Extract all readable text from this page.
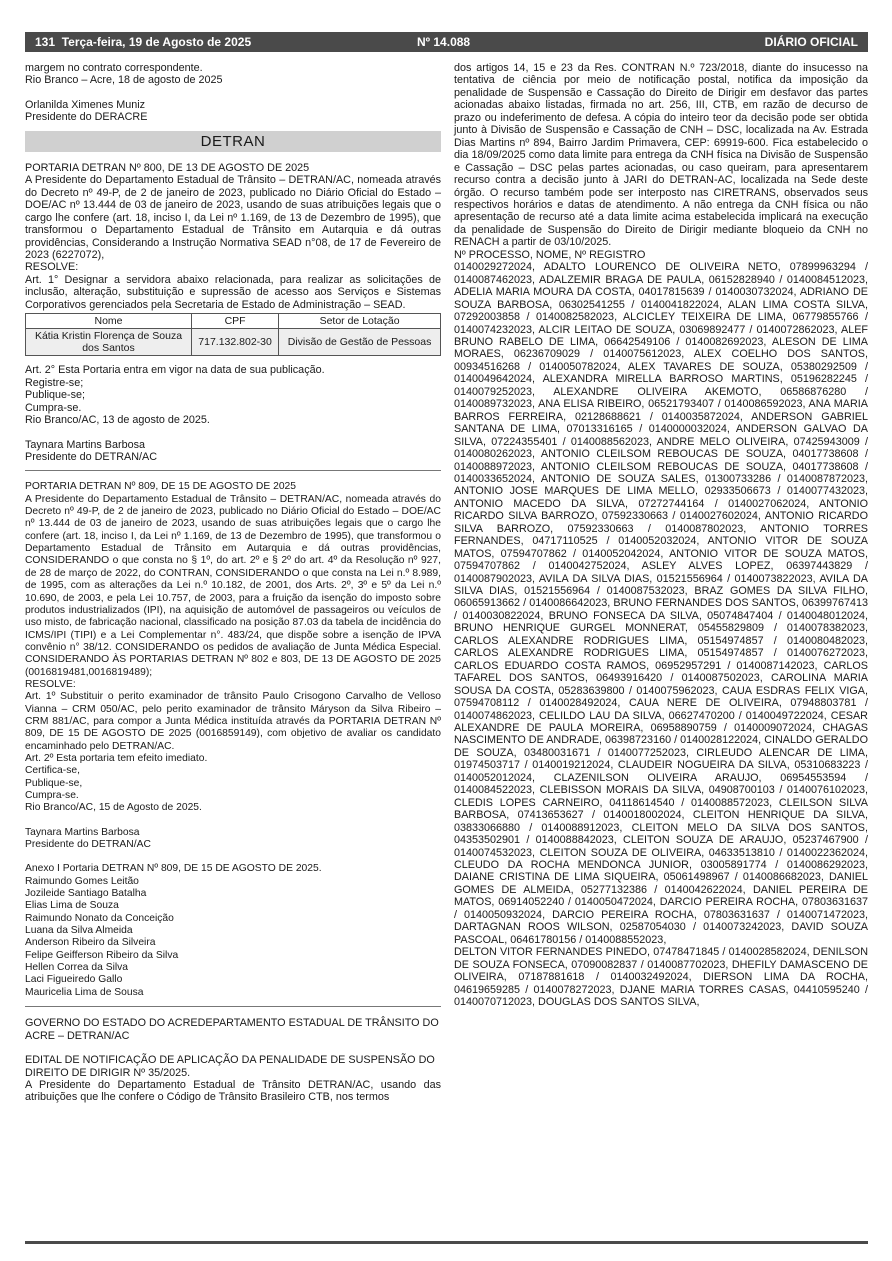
131 Terça-feira, 19 de Agosto de 2025	Nº 14.088	DIÁRIO OFICIAL

margem no contrato correspondente.

Rio Branco – Acre, 18 de agosto de 2025

Orlanilda Ximenes Muniz

Presidente do DERACRE

DETRAN

PORTARIA DETRAN Nº 800, DE 13 DE AGOSTO DE 2025

A Presidente do Departamento Estadual de Trânsito – DETRAN/AC, nomeada através do Decreto nº 49-P, de 2 de janeiro de 2023, publicado no Diário Oficial do Estado – DOE/AC nº 13.444 de 03 de janeiro de 2023, usando de suas atribuições legais que o cargo lhe confere (art. 18, inciso I, da Lei nº 1.169, de 13 de Dezembro de 1995), que transformou o Departamento Estadual de Trânsito em Autarquia e dá outras providências, Considerando a Instrução Normativa SEAD n°08, de 17 de Fevereiro de 2023 (6227072),

RESOLVE:

Art. 1° Designar a servidora abaixo relacionada, para realizar as solicitações de inclusão, alteração, substituição e supressão de acesso aos Serviços e Sistemas Corporativos gerenciados pela Secretaria de Estado de Administração – SEAD.

Nome	CPF	Setor de Lotação
Kátia Kristin Florença de Souza dos Santos	717.132.802-30	Divisão de Gestão de Pessoas

Art. 2° Esta Portaria entra em vigor na data de sua publicação.

Registre-se;

Publique-se;

Cumpra-se.

Rio Branco/AC, 13 de agosto de 2025.

Taynara Martins Barbosa

Presidente do DETRAN/AC

PORTARIA DETRAN Nº 809, DE 15 DE AGOSTO DE 2025

A Presidente do Departamento Estadual de Trânsito – DETRAN/AC, nomeada através do Decreto nº 49-P, de 2 de janeiro de 2023, publicado no Diário Oficial do Estado – DOE/AC nº 13.444 de 03 de janeiro de 2023, usando de suas atribuições legais que o cargo lhe confere (art. 18, inciso I, da Lei nº 1.169, de 13 de Dezembro de 1995), que transformou o Departamento Estadual de Trânsito em Autarquia e dá outras providências, CONSIDERANDO o que consta no § 1º, do art. 2º e § 2º do art. 4º da Resolução nº 927, de 28 de março de 2022, do CONTRAN, CONSIDERANDO o que consta na Lei n.º 8.989, de 1995, com as alterações da Lei n.º 10.182, de 2001, dos Arts. 2º, 3º e 5º da Lei n.º 10.690, de 2003, e pela Lei 10.757, de 2003, para a fruição da isenção do imposto sobre produtos industrializados (IPI), na aquisição de automóvel de passageiros ou veículos de uso misto, de fabricação nacional, classificado na posição 87.03 da tabela de incidência do ICMS/IPI (TIPI) e a Lei Complementar n°. 483/24, que dispõe sobre a isenção de IPVA convênio n° 38/12. CONSIDERANDO os pedidos de avaliação de Junta Médica Especial. CONSIDERANDO ÀS PORTARIAS DETRAN Nº 802 e 803, DE 13 DE AGOSTO DE 2025 (0016819481,0016819489);

RESOLVE:

Art. 1º Substituir o perito examinador de trânsito Paulo Crisogono Carvalho de Velloso Vianna – CRM 050/AC, pelo perito examinador de trânsito Máryson da Silva Ribeiro – CRM 881/AC, para compor a Junta Médica instituída através da PORTARIA DETRAN Nº 809, DE 15 DE AGOSTO DE 2025 (0016859149), com objetivo de avaliar os candidato encaminhado pelo DETRAN/AC.

Art. 2º Esta portaria tem efeito imediato.

Certifica-se,

Publique-se,

Cumpra-se.

Rio Branco/AC, 15 de Agosto de 2025.

Taynara Martins Barbosa

Presidente do DETRAN/AC

Anexo I Portaria DETRAN Nº 809, DE 15 DE AGOSTO DE 2025.

Raimundo Gomes Leitão

Jozileide Santiago Batalha

Elias Lima de Souza

Raimundo Nonato da Conceição

Luana da Silva Almeida

Anderson Ribeiro da Silveira

Felipe Geifferson Ribeiro da Silva

Hellen Correa da Silva

Laci Figueiredo Gallo

Mauricelia Lima de Sousa

GOVERNO DO ESTADO DO ACREDEPARTAMENTO ESTADUAL DE TRÂNSITO DO ACRE – DETRAN/AC

EDITAL DE NOTIFICAÇÃO DE APLICAÇÃO DA PENALIDADE DE SUSPENSÃO DO DIREITO DE DIRIGIR Nº 35/2025.

A Presidente do Departamento Estadual de Trânsito DETRAN/AC, usando das atribuições que lhe confere o Código de Trânsito Brasileiro CTB, nos termos

dos artigos 14, 15 e 23 da Res. CONTRAN N.º 723/2018, diante do insucesso na tentativa de ciência por meio de notificação postal, notifica da imposição da penalidade de Suspensão e Cassação do Direito de Dirigir em desfavor das partes acionadas abaixo listadas, firmada no art. 256, III, CTB, em razão de decurso de prazo ou indeferimento de defesa. A cópia do inteiro teor da decisão pode ser obtida junto à Divisão de Suspensão e Cassação de CNH – DSC, localizada na Av. Estrada Dias Martins nº 894, Bairro Jardim Primavera, CEP: 69919-600. Fica estabelecido o dia 18/09/2025 como data limite para entrega da CNH física na Divisão de Suspensão e Cassação – DSC pelas partes acionadas, ou caso queiram, para apresentarem recurso contra a decisão junto à JARI do DETRAN-AC, localizada na Sede deste órgão. O recurso também pode ser interposto nas CIRETRANS, observados seus respectivos horários e datas de atendimento. A não entrega da CNH física ou não apresentação de recurso até a data limite acima estabelecida implicará na execução da penalidade de Suspensão do Direito de Dirigir mediante bloqueio da CNH no RENACH a partir de 03/10/2025.

Nº PROCESSO, NOME, Nº REGISTRO

0140029272024, ADALTO LOURENCO DE OLIVEIRA NETO, 07899963294 / 0140087462023, ADALZEMIR BRAGA DE PAULA, 06152828940 / 0140084512023, ADELIA MARIA MOURA DA COSTA, 04017815639 / 0140030732024, ADRIANO DE SOUZA BARBOSA, 06302541255 / 0140041822024, ALAN LIMA COSTA SILVA, 07292003858 / 0140082582023, ALCICLEY TEIXEIRA DE LIMA, 06779855766 / 0140074232023, ALCIR LEITAO DE SOUZA, 03069892477 / 0140072862023, ALEF BRUNO RABELO DE LIMA, 06642549106 / 0140082692023, ALESON DE LIMA MORAES, 06236709029 / 0140075612023, ALEX COELHO DOS SANTOS, 00934516268 / 0140050782024, ALEX TAVARES DE SOUZA, 05380292509 / 0140049642024, ALEXANDRA MIRELLA BARROSO MARTINS, 05196282245 / 0140079252023, ALEXANDRE OLIVEIRA AKEMOTO, 06586876280 / 0140089732023, ANA ELISA RIBEIRO, 06521793407 / 0140086592023, ANA MARIA BARROS FERREIRA, 02128688621 / 0140035872024, ANDERSON GABRIEL SANTANA DE LIMA, 07013316165 / 0140000032024, ANDERSON GALVAO DA SILVA, 07224355401 / 0140088562023, ANDRE MELO OLIVEIRA, 07425943009 / 0140080262023, ANTONIO CLEILSOM REBOUCAS DE SOUZA, 04017738608 / 0140088972023, ANTONIO CLEILSOM REBOUCAS DE SOUZA, 04017738608 / 0140033652024, ANTONIO DE SOUZA SALES, 01300733286 / 0140087872023, ANTONIO JOSE MARQUES DE LIMA MELLO, 02933506673 / 0140077432023, ANTONIO MACEDO DA SILVA, 07272744164 / 0140027062024, ANTONIO RICARDO SILVA BARROZO, 07592330663 / 0140027602024, ANTONIO RICARDO SILVA BARROZO, 07592330663 / 0140087802023, ANTONIO TORRES FERNANDES, 04717110525 / 0140052032024, ANTONIO VITOR DE SOUZA MATOS, 07594707862 / 0140052042024, ANTONIO VITOR DE SOUZA MATOS, 07594707862 / 0140042752024, ASLEY ALVES LOPEZ, 06397443829 / 0140087902023, AVILA DA SILVA DIAS, 01521556964 / 0140073822023, AVILA DA SILVA DIAS, 01521556964 / 0140087532023, BRAZ GOMES DA SILVA FILHO, 06065913662 / 0140086642023, BRUNO FERNANDES DOS SANTOS, 06399767413 / 0140030822024, BRUNO FONSECA DA SILVA, 05074847404 / 0140048012024, BRUNO HENRIQUE GURGEL MONNERAT, 05455829809 / 0140078382023, CARLOS ALEXANDRE RODRIGUES LIMA, 05154974857 / 0140080482023, CARLOS ALEXANDRE RODRIGUES LIMA, 05154974857 / 0140076272023, CARLOS EDUARDO COSTA RAMOS, 06952957291 / 0140087142023, CARLOS TAFAREL DOS SANTOS, 06493916420 / 0140087502023, CAROLINA MARIA SOUSA DA COSTA, 05283639800 / 0140075962023, CAUA ESDRAS FELIX VIGA, 07594708112 / 0140028492024, CAUA NERE DE OLIVEIRA, 07948803781 / 0140074862023, CELILDO LAU DA SILVA, 06627470200 / 0140049722024, CESAR ALEXANDRE DE PAULA MOREIRA, 06958890759 / 0140009072024, CHAGAS NASCIMENTO DE ANDRADE, 06398723160 / 0140028122024, CINALDO GERALDO DE SOUZA, 03480031671 / 0140077252023, CIRLEUDO ALENCAR DE LIMA, 01974503717 / 0140019212024, CLAUDEIR NOGUEIRA DA SILVA, 05310683223 / 0140052012024, CLAZENILSON OLIVEIRA ARAUJO, 06954553594 / 0140084522023, CLEBISSON MORAIS DA SILVA, 04908700103 / 0140076102023, CLEDIS LOPES CARNEIRO, 04118614540 / 0140088572023, CLEILSON SILVA BARBOSA, 07413653627 / 0140018002024, CLEITON HENRIQUE DA SILVA, 03833066880 / 0140088912023, CLEITON MELO DA SILVA DOS SANTOS, 04353502901 / 0140088842023, CLEITON SOUZA DE ARAUJO, 05237467900 / 0140074532023, CLEITON SOUZA DE OLIVEIRA, 04633513810 / 0140022362024, CLEUDO DA ROCHA MENDONCA JUNIOR, 03005891774 / 0140086292023, DAIANE CRISTINA DE LIMA SIQUEIRA, 05061498967 / 0140086682023, DANIEL GOMES DE ALMEIDA, 05277132386 / 0140042622024, DANIEL PEREIRA DE MATOS, 06914052240 / 0140050472024, DARCIO PEREIRA ROCHA, 07803631637 / 0140050932024, DARCIO PEREIRA ROCHA, 07803631637 / 0140071472023, DARTAGNAN ROOS WILSON, 02587054030 / 0140073242023, DAVID SOUZA PASCOAL, 06461780156 / 0140088552023,

DELTON VITOR FERNANDES PINEDO, 07478471845 / 0140028582024, DENILSON DE SOUZA FONSECA, 07090082837 / 0140087702023, DHEFILY DAMASCENO DE OLIVEIRA, 07187881618 / 0140032492024, DIERSON LIMA DA ROCHA, 04619659285 / 0140078272023, DJANE MARIA TORRES CASAS, 04410595240 / 0140070712023, DOUGLAS DOS SANTOS SILVA,
